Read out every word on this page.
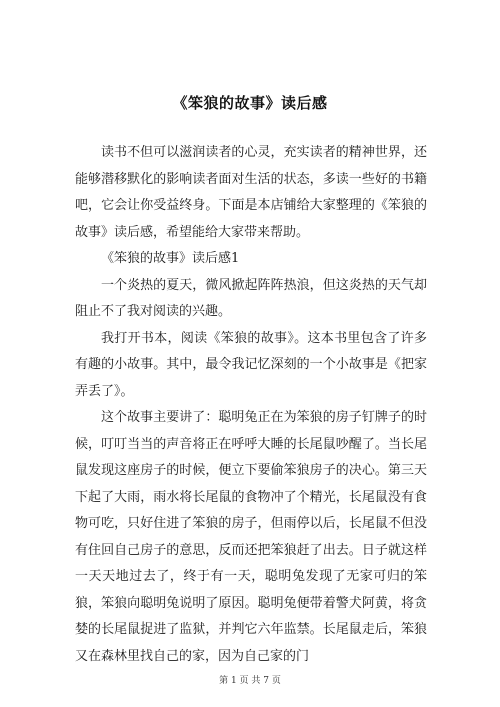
《笨狼的故事》读后感

读书不但可以滋润读者的心灵，充实读者的精神世界，还能够潜移默化的影响读者面对生活的状态，多读一些好的书籍吧，它会让你受益终身。下面是本店铺给大家整理的《笨狼的故事》读后感，希望能给大家带来帮助。

《笨狼的故事》读后感1

一个炎热的夏天，微风掀起阵阵热浪，但这炎热的天气却阻止不了我对阅读的兴趣。

我打开书本，阅读《笨狼的故事》。这本书里包含了许多有趣的小故事。其中，最令我记忆深刻的一个小故事是《把家弄丢了》。

这个故事主要讲了：聪明兔正在为笨狼的房子钉牌子的时候，叮叮当当的声音将正在呼呼大睡的长尾鼠吵醒了。当长尾鼠发现这座房子的时候，便立下要偷笨狼房子的决心。第三天下起了大雨，雨水将长尾鼠的食物冲了个精光，长尾鼠没有食物可吃，只好住进了笨狼的房子，但雨停以后，长尾鼠不但没有住回自己房子的意思，反而还把笨狼赶了出去。日子就这样一天天地过去了，终于有一天，聪明兔发现了无家可归的笨狼，笨狼向聪明兔说明了原因。聪明兔便带着警犬阿黄，将贪婪的长尾鼠捉进了监狱，并判它六年监禁。长尾鼠走后，笨狼又在森林里找自己的家，因为自己家的门

第 1 页 共 7 页
